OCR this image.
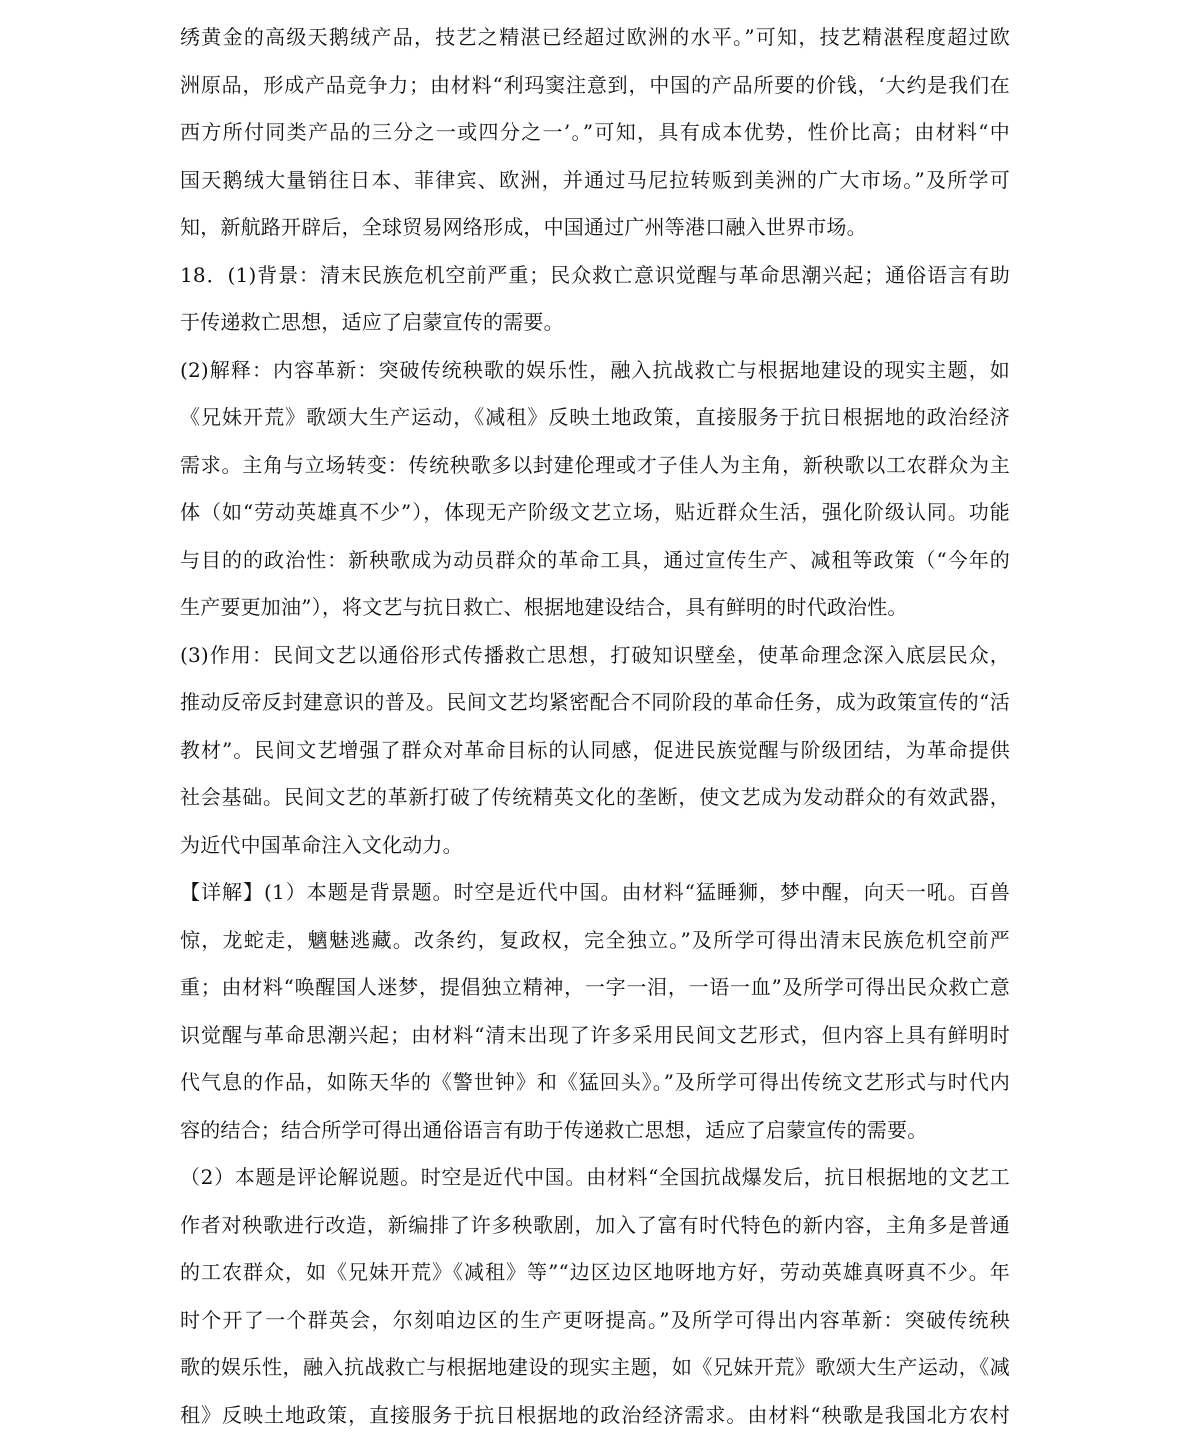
绣黄金的高级天鹅绒产品，技艺之精湛已经超过欧洲的水平。”可知，技艺精湛程度超过欧
洲原品，形成产品竞争力；由材料“利玛窦注意到，中国的产品所要的价钱，‘大约是我们在
西方所付同类产品的三分之一或四分之一’。”可知，具有成本优势，性价比高；由材料“中
国天鹅绒大量销往日本、菲律宾、欧洲，并通过马尼拉转贩到美洲的广大市场。”及所学可
知，新航路开辟后，全球贸易网络形成，中国通过广州等港口融入世界市场。
18．(1)背景：清末民族危机空前严重；民众救亡意识觉醒与革命思潮兴起；通俗语言有助
于传递救亡思想，适应了启蒙宣传的需要。
(2)解释：内容革新：突破传统秧歌的娱乐性，融入抗战救亡与根据地建设的现实主题，如
《兄妹开荒》歌颂大生产运动，《减租》反映土地政策，直接服务于抗日根据地的政治经济
需求。主角与立场转变：传统秧歌多以封建伦理或才子佳人为主角，新秧歌以工农群众为主
体（如“劳动英雄真不少”），体现无产阶级文艺立场，贴近群众生活，强化阶级认同。功能
与目的的政治性：新秧歌成为动员群众的革命工具，通过宣传生产、减租等政策（“今年的
生产要更加油”），将文艺与抗日救亡、根据地建设结合，具有鲜明的时代政治性。
(3)作用：民间文艺以通俗形式传播救亡思想，打破知识壁垒，使革命理念深入底层民众，
推动反帝反封建意识的普及。民间文艺均紧密配合不同阶段的革命任务，成为政策宣传的“活
教材”。民间文艺增强了群众对革命目标的认同感，促进民族觉醒与阶级团结，为革命提供
社会基础。民间文艺的革新打破了传统精英文化的垄断，使文艺成为发动群众的有效武器，
为近代中国革命注入文化动力。
【详解】(1）本题是背景题。时空是近代中国。由材料“猛睡狮，梦中醒，向天一吼。百兽
惊，龙蛇走，魑魅逃藏。改条约，复政权，完全独立。”及所学可得出清末民族危机空前严
重；由材料“唤醒国人迷梦，提倡独立精神，一字一泪，一语一血”及所学可得出民众救亡意
识觉醒与革命思潮兴起；由材料“清末出现了许多采用民间文艺形式，但内容上具有鲜明时
代气息的作品，如陈天华的《警世钟》和《猛回头》。”及所学可得出传统文艺形式与时代内
容的结合；结合所学可得出通俗语言有助于传递救亡思想，适应了启蒙宣传的需要。
（2）本题是评论解说题。时空是近代中国。由材料“全国抗战爆发后，抗日根据地的文艺工
作者对秧歌进行改造，新编排了许多秧歌剧，加入了富有时代特色的新内容，主角多是普通
的工农群众，如《兄妹开荒》《减租》等”“边区边区地呀地方好，劳动英雄真呀真不少。年
时个开了一个群英会，尔刻咱边区的生产更呀提高。”及所学可得出内容革新：突破传统秧
歌的娱乐性，融入抗战救亡与根据地建设的现实主题，如《兄妹开荒》歌颂大生产运动，《减
租》反映土地政策，直接服务于抗日根据地的政治经济需求。由材料“秧歌是我国北方农村
